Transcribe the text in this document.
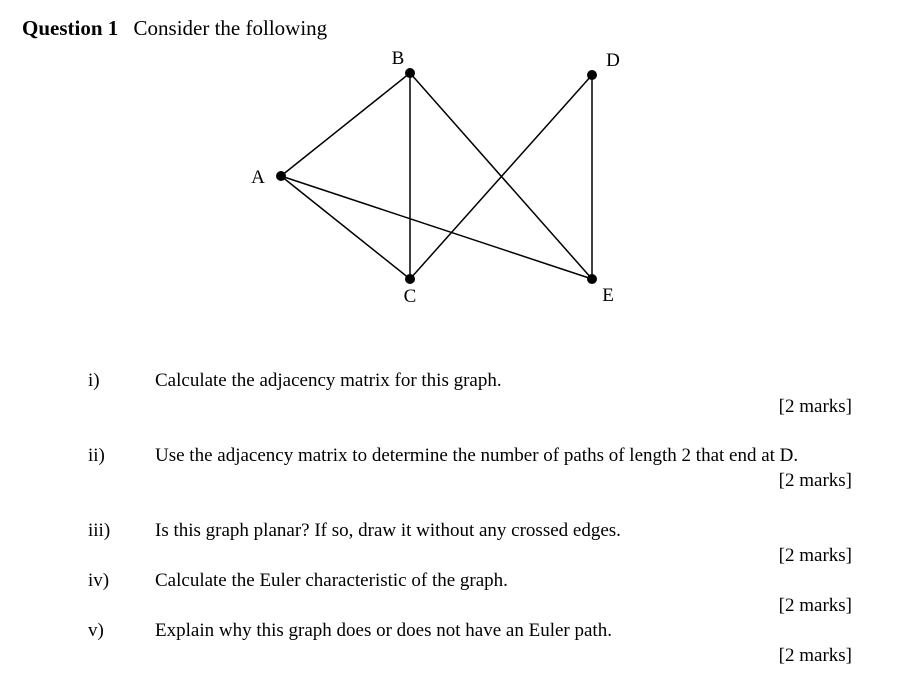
Question 1 Consider the following
A
B
C
D
E
i)	Calculate the adjacency matrix for this graph.
[2 marks]
ii)	Use the adjacency matrix to determine the number of paths of length 2 that end at D.
[2 marks]
iii) Is this graph planar? If so, draw it without any crossed edges.
[2 marks]
iv) Calculate the Euler characteristic of the graph.
[2 marks]
v)	Explain why this graph does or does not have an Euler path.
[2 marks]
